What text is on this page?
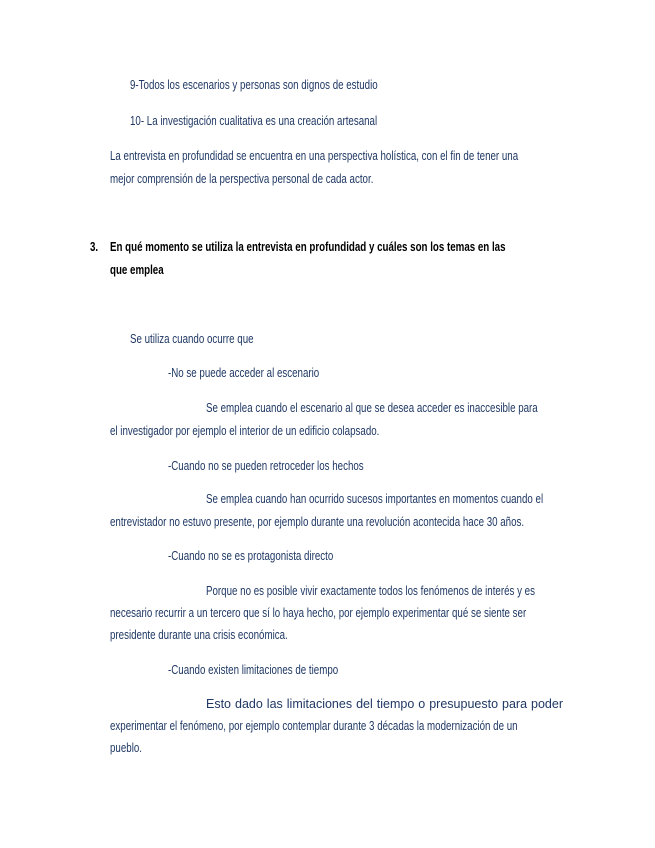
9-Todos los escenarios y personas son dignos de estudio

10- La investigación cualitativa es una creación artesanal

La entrevista en profundidad se encuentra en una perspectiva holística, con el fin de tener una

mejor comprensión de la perspectiva personal de cada actor.

3. En qué momento se utiliza la entrevista en profundidad y cuáles son los temas en las

que emplea

Se utiliza cuando ocurre que

-No se puede acceder al escenario

Se emplea cuando el escenario al que se desea acceder es inaccesible para

el investigador por ejemplo el interior de un edificio colapsado.

-Cuando no se pueden retroceder los hechos

Se emplea cuando han ocurrido sucesos importantes en momentos cuando el

entrevistador no estuvo presente, por ejemplo durante una revolución acontecida hace 30 años.

-Cuando no se es protagonista directo

Porque no es posible vivir exactamente todos los fenómenos de interés y es

necesario recurrir a un tercero que sí lo haya hecho, por ejemplo experimentar qué se siente ser

presidente durante una crisis económica.

-Cuando existen limitaciones de tiempo

Esto dado las limitaciones del tiempo o presupuesto para poder

experimentar el fenómeno, por ejemplo contemplar durante 3 décadas la modernización de un

pueblo.
